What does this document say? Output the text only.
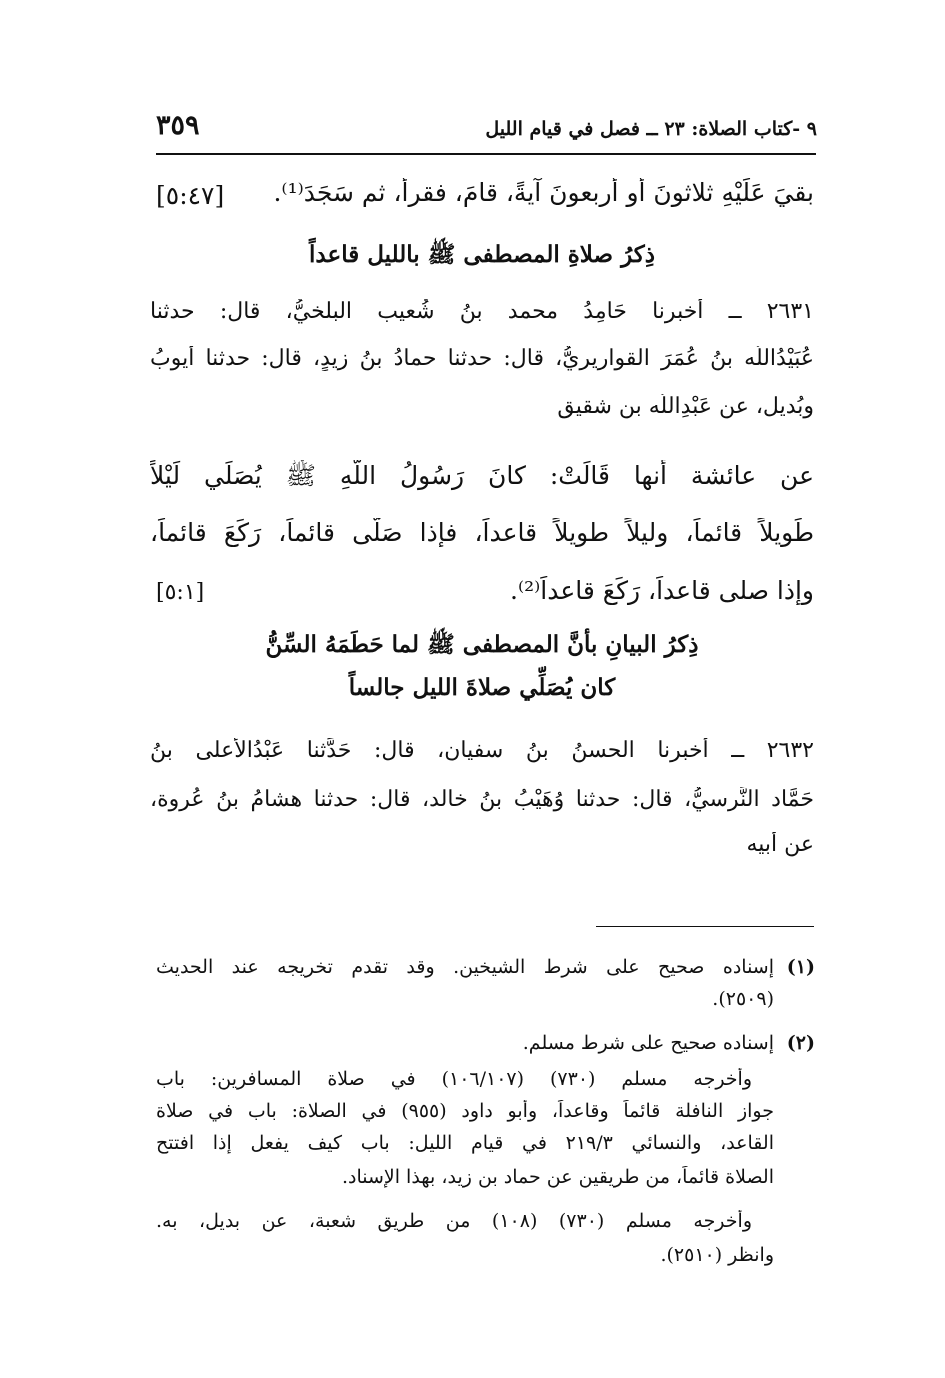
٩ -كتاب الصلاة: ٢٣ ــ فصل في قيام الليل
٣٥٩
بقيَ عَلَيْهِ ثلاثونَ أو أربعونَ آيةً، قامَ، فقرأ، ثم سَجَدَ⁽¹⁾.
[٥:٤٧]
ذِكرُ صلاةِ المصطفى ﷺ بالليل قاعداً
٢٦٣١ ــ أخبرنا حَامِدُ محمد بنُ شُعيب البلخيُّ، قال: حدثنا
عُبَيْدُاللّه بنُ عُمَرَ القواريريُّ، قال: حدثنا حمادُ بنُ زيدٍ، قال: حدثنا أيوبُ
وبُديل، عن عَبْدِاللّه بنِ شقيقٍ
عن عائشة أنها قَالَتْ: كانَ رَسُولُ اللّهِ ﷺ يُصَلِّي لَيْلاً
طَوِيلاً قائماً، وليلاً طويلاً قاعداً، فإذا صَلَّى قائماً، رَكَعَ قائماً،
وإذا صلى قاعداً، رَكَعَ قاعداً⁽²⁾.
[٥:١]
ذِكرُ البيانِ بأنَّ المصطفى ﷺ لما حَطَمَهُ السِّنُّ
كان يُصَلِّي صلاةَ الليل جالساً
٢٦٣٢ ــ أخبرنا الحسنُ بنُ سفيان، قال: حَدَّثنا عَبْدُالأعلى بنُ
حَمَّاد النَّرسيُّ، قال: حدثنا وُهَيْبُ بنُ خالد، قال: حدثنا هشامُ بنُ عُروة،
عن أبيه
(١)
إسناده صحيح على شرط الشيخين. وقد تقدم تخريجه عند الحديث
(٢٥٠٩).
(٢)
إسناده صحيح على شرط مسلم.
وأخرجه مسلم (٧٣٠) (١٠٦/١٠٧) في صلاة المسافرين: باب
جواز النافلة قائماً وقاعداً، وأبو داود (٩٥٥) في الصلاة: باب في صلاة
القاعد، والنسائي ٢١٩/٣ في قيام الليل: باب كيف يفعل إذا افتتح
الصلاة قائماً، من طريقين عن حماد بن زيد، بهذا الإسناد.
وأخرجه مسلم (٧٣٠) (١٠٨) من طريق شعبة، عن بديل، به.
وانظر (٢٥١٠).
